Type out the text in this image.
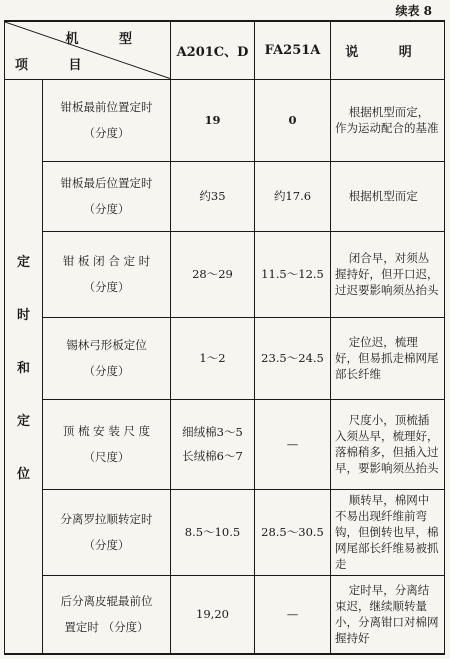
续表 8
机 型
项 目		A201C、D	FA251A	说 明

定
时
和
定
位	钳板最前位置定时
（分度）	19	0	根据机型而定，作为运动配合的基准

	钳板最后位置定时
（分度）	约35	约17.6	根据机型而定

	钳 板 闭 合 定 时
（分度）	28～29	11.5～12.5	闭合早，对须丛握持好，但开口迟，过迟要影响须丛抬头

	锡林弓形板定位
（分度）	1～2	23.5～24.5	定位迟，梳理好，但易抓走棉网尾部长纤维

	顶 梳 安 装 尺 度
（尺度）	细绒棉3～5
长绒棉6～7	—	尺度小，顶梳插入须丛早，梳理好，落棉稍多，但插入过早，要影响须丛抬头

	分离罗拉顺转定时
（分度）	8.5～10.5	28.5～30.5	顺转早，棉网中不易出现纤维前弯钩，但倒转也早，棉网尾部长纤维易被抓走

	后分离皮辊最前位
置定时 （分度）	19,20	—	定时早，分离结束迟，继续顺转量小，分离钳口对棉网握持好
